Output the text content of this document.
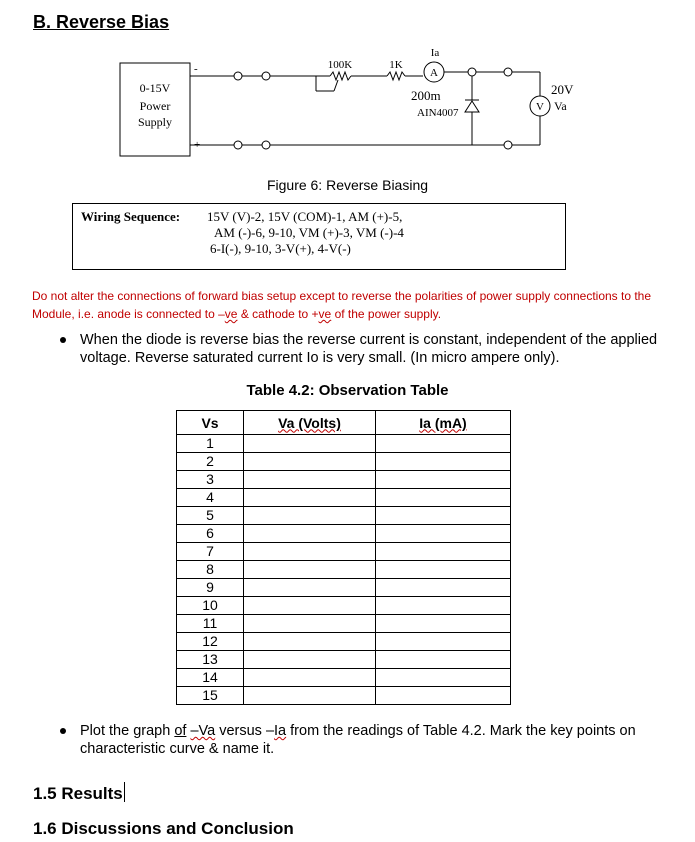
B. Reverse Bias
0-15V
Power
Supply
-
+
100K	1K
A
Ia
200m
V
20V
Va
AIN4007
Figure 6: Reverse Biasing
Wiring Sequence: 15V (V)-2, 15V (COM)-1, AM (+)-5,
AM (-)-6, 9-10, VM (+)-3, VM (-)-4
6-I(-), 9-10, 3-V(+), 4-V(-)
Do not alter the connections of forward bias setup except to reverse the polarities of power supply connections to the Module, i.e. anode is connected to –ve & cathode to +ve of the power supply.
When the diode is reverse bias the reverse current is constant, independent of the applied voltage. Reverse saturated current Io is very small. (In micro ampere only).
Table 4.2: Observation Table
Vs	Va (Volts)	Ia (mA)
1		
2		
3		
4		
5		
6		
7		
8		
9		
10		
11		
12		
13		
14		
15		
Plot the graph of –Va versus –Ia from the readings of Table 4.2. Mark the key points on characteristic curve & name it.
1.5 Results
1.6 Discussions and Conclusion
